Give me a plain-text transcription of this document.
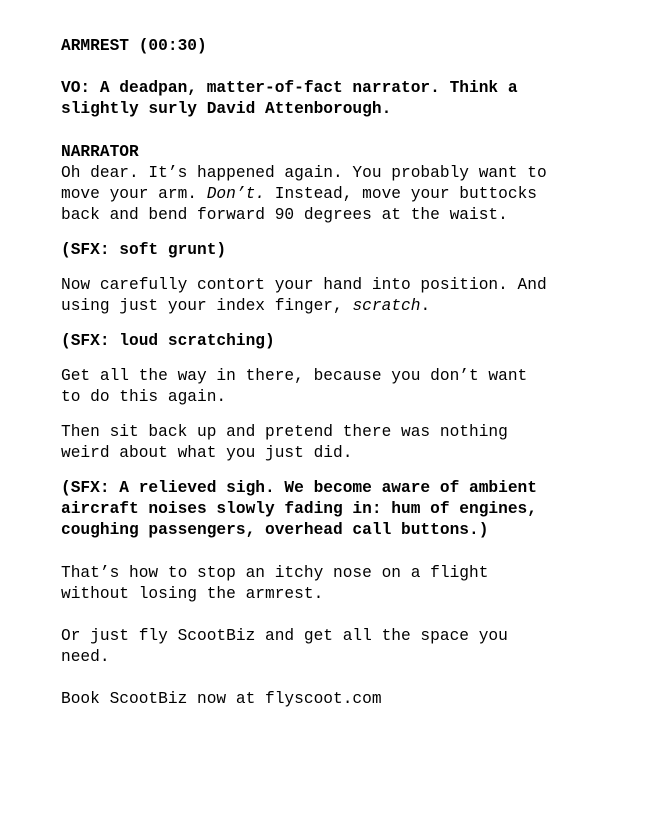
ARMREST (00:30)

VO: A deadpan, matter-of-fact narrator. Think a

slightly surly David Attenborough.

NARRATOR

Oh dear. It’s happened again. You probably want to

move your arm. Don’t. Instead, move your buttocks

back and bend forward 90 degrees at the waist.

(SFX: soft grunt)

Now carefully contort your hand into position. And

using just your index finger, scratch.

(SFX: loud scratching)

Get all the way in there, because you don’t want

to do this again.

Then sit back up and pretend there was nothing

weird about what you just did.

(SFX: A relieved sigh. We become aware of ambient

aircraft noises slowly fading in: hum of engines,

coughing passengers, overhead call buttons.)

That’s how to stop an itchy nose on a flight

without losing the armrest.

Or just fly ScootBiz and get all the space you

need.

Book ScootBiz now at flyscoot.com
